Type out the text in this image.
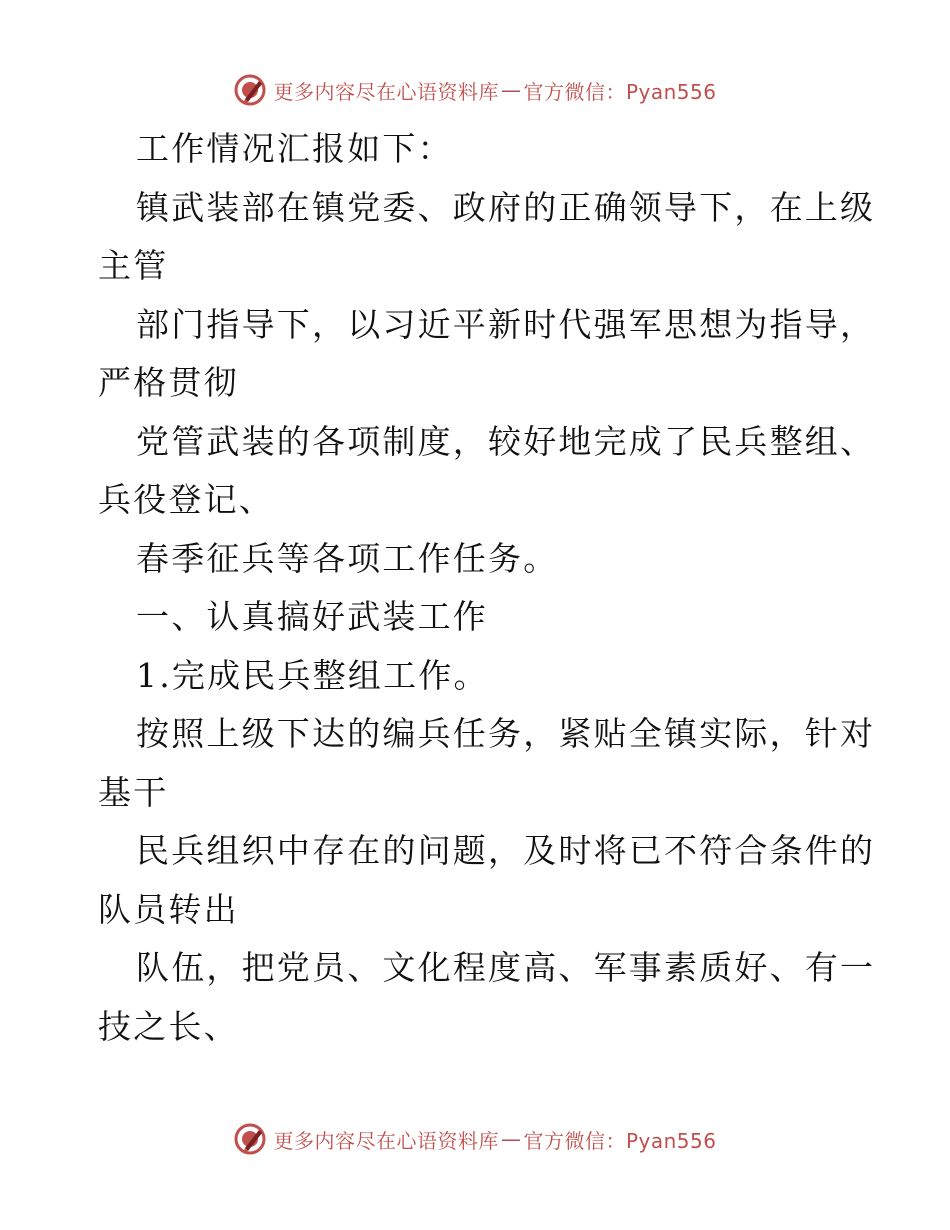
更多内容尽在心语资料库 — 官方微信：Pyan556
工作情况汇报如下：
镇武装部在镇党委、政府的正确领导下，在上级
主管
部门指导下，以习近平新时代强军思想为指导，
严格贯彻
党管武装的各项制度，较好地完成了民兵整组、
兵役登记、
春季征兵等各项工作任务。
一、认真搞好武装工作
1.完成民兵整组工作。
按照上级下达的编兵任务，紧贴全镇实际，针对
基干
民兵组织中存在的问题，及时将已不符合条件的
队员转出
队伍，把党员、文化程度高、军事素质好、有一
技之长、
更多内容尽在心语资料库 — 官方微信：Pyan556
